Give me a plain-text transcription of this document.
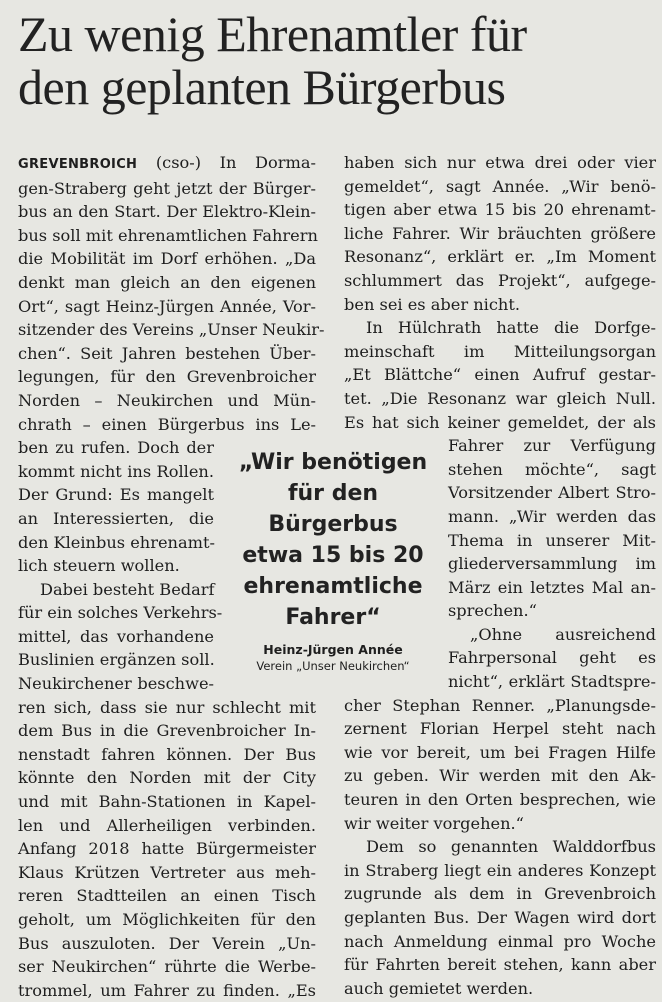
Zu wenig Ehrenamtler für
den geplanten Bürgerbus
GREVENBROICH (cso-) In Dorma-
gen-Straberg geht jetzt der Bürger-
bus an den Start. Der Elektro-Klein-
bus soll mit ehrenamtlichen Fahrern
die Mobilität im Dorf erhöhen. „Da
denkt man gleich an den eigenen
Ort“, sagt Heinz-Jürgen Année, Vor-
sitzender des Vereins „Unser Neukir-
chen“. Seit Jahren bestehen Über-
legungen, für den Grevenbroicher
Norden – Neukirchen und Mün-
chrath – einen Bürgerbus ins Le-
ben zu rufen. Doch der
kommt nicht ins Rollen.
Der Grund: Es mangelt
an Interessierten, die
den Kleinbus ehrenamt-
lich steuern wollen.
Dabei besteht Bedarf
für ein solches Verkehrs-
mittel, das vorhandene
Buslinien ergänzen soll.
Neukirchener beschwe-
ren sich, dass sie nur schlecht mit
dem Bus in die Grevenbroicher In-
nenstadt fahren können. Der Bus
könnte den Norden mit der City
und mit Bahn-Stationen in Kapel-
len und Allerheiligen verbinden.
Anfang 2018 hatte Bürgermeister
Klaus Krützen Vertreter aus meh-
reren Stadtteilen an einen Tisch
geholt, um Möglichkeiten für den
Bus auszuloten. Der Verein „Un-
ser Neukirchen“ rührte die Werbe-
trommel, um Fahrer zu finden. „Es
„Wir benötigen
für den
Bürgerbus
etwa 15 bis 20
ehrenamtliche
Fahrer“
Heinz-Jürgen Année
Verein „Unser Neukirchen“
haben sich nur etwa drei oder vier
gemeldet“, sagt Année. „Wir benö-
tigen aber etwa 15 bis 20 ehrenamt-
liche Fahrer. Wir bräuchten größere
Resonanz“, erklärt er. „Im Moment
schlummert das Projekt“, aufgege-
ben sei es aber nicht.
In Hülchrath hatte die Dorfge-
meinschaft im Mitteilungsorgan
„Et Blättche“ einen Aufruf gestar-
tet. „Die Resonanz war gleich Null.
Es hat sich keiner gemeldet, der als
Fahrer zur Verfügung
stehen möchte“, sagt
Vorsitzender Albert Stro-
mann. „Wir werden das
Thema in unserer Mit-
gliederversammlung im
März ein letztes Mal an-
sprechen.“
„Ohne ausreichend
Fahrpersonal geht es
nicht“, erklärt Stadtspre-
cher Stephan Renner. „Planungsde-
zernent Florian Herpel steht nach
wie vor bereit, um bei Fragen Hilfe
zu geben. Wir werden mit den Ak-
teuren in den Orten besprechen, wie
wir weiter vorgehen.“
Dem so genannten Walddorfbus
in Straberg liegt ein anderes Konzept
zugrunde als dem in Grevenbroich
geplanten Bus. Der Wagen wird dort
nach Anmeldung einmal pro Woche
für Fahrten bereit stehen, kann aber
auch gemietet werden.
